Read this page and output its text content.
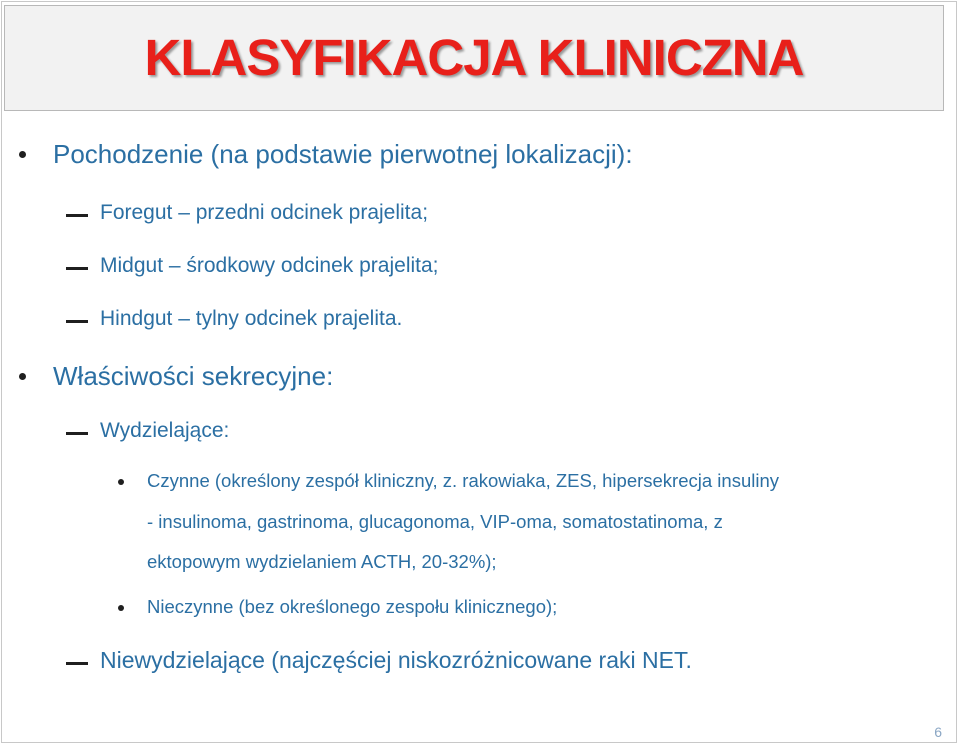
KLASYFIKACJA KLINICZNA
Pochodzenie (na podstawie pierwotnej lokalizacji):
Foregut – przedni odcinek prajelita;
Midgut – środkowy odcinek prajelita;
Hindgut – tylny odcinek prajelita.
Właściwości sekrecyjne:
Wydzielające:
Czynne (określony zespół kliniczny, z. rakowiaka, ZES, hipersekrecja insuliny
- insulinoma, gastrinoma, glucagonoma, VIP-oma, somatostatinoma, z
ektopowym wydzielaniem ACTH, 20-32%);
Nieczynne (bez określonego zespołu klinicznego);
Niewydzielające (najczęściej niskozróżnicowane raki NET.
6
